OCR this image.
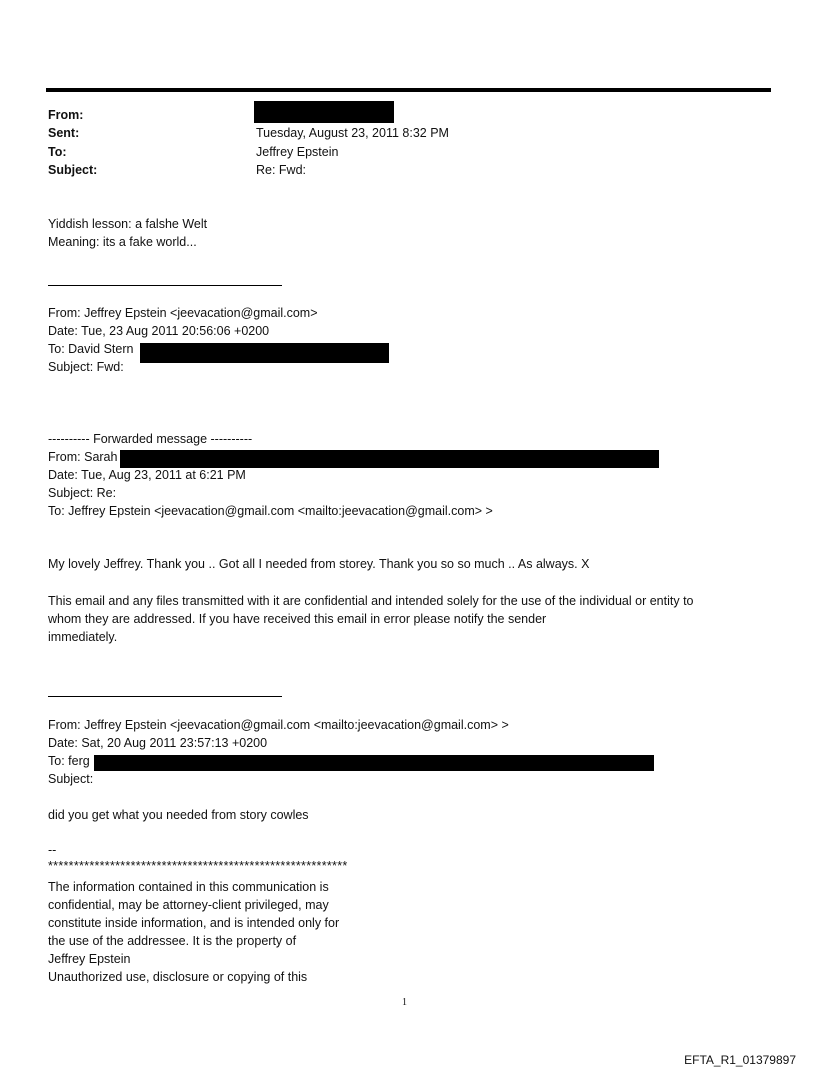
From:
Sent:	Tuesday, August 23, 2011 8:32 PM
To:	Jeffrey Epstein
Subject:	Re: Fwd:
Yiddish lesson: a falshe Welt
Meaning: its a fake world...
From: Jeffrey Epstein <jeevacation@gmail.com>
Date: Tue, 23 Aug 2011 20:56:06 +0200
To: David Stern
Subject: Fwd:
---------- Forwarded message ----------
From: Sarah
Date: Tue, Aug 23, 2011 at 6:21 PM
Subject: Re:
To: Jeffrey Epstein <jeevacation@gmail.com <mailto:jeevacation@gmail.com> >
My lovely Jeffrey. Thank you .. Got all I needed from storey. Thank you so so much .. As always. X
This email and any files transmitted with it are confidential and intended solely for the use of the individual or entity to
whom they are addressed. If you have received this email in error please notify the sender
immediately.
From: Jeffrey Epstein <jeevacation@gmail.com <mailto:jeevacation@gmail.com> >
Date: Sat, 20 Aug 2011 23:57:13 +0200
To: ferg
Subject:
did you get what you needed from story cowles
--
**********************************************************
The information contained in this communication is
confidential, may be attorney-client privileged, may
constitute inside information, and is intended only for
the use of the addressee. It is the property of
Jeffrey Epstein
Unauthorized use, disclosure or copying of this
1
EFTA_R1_01379897
